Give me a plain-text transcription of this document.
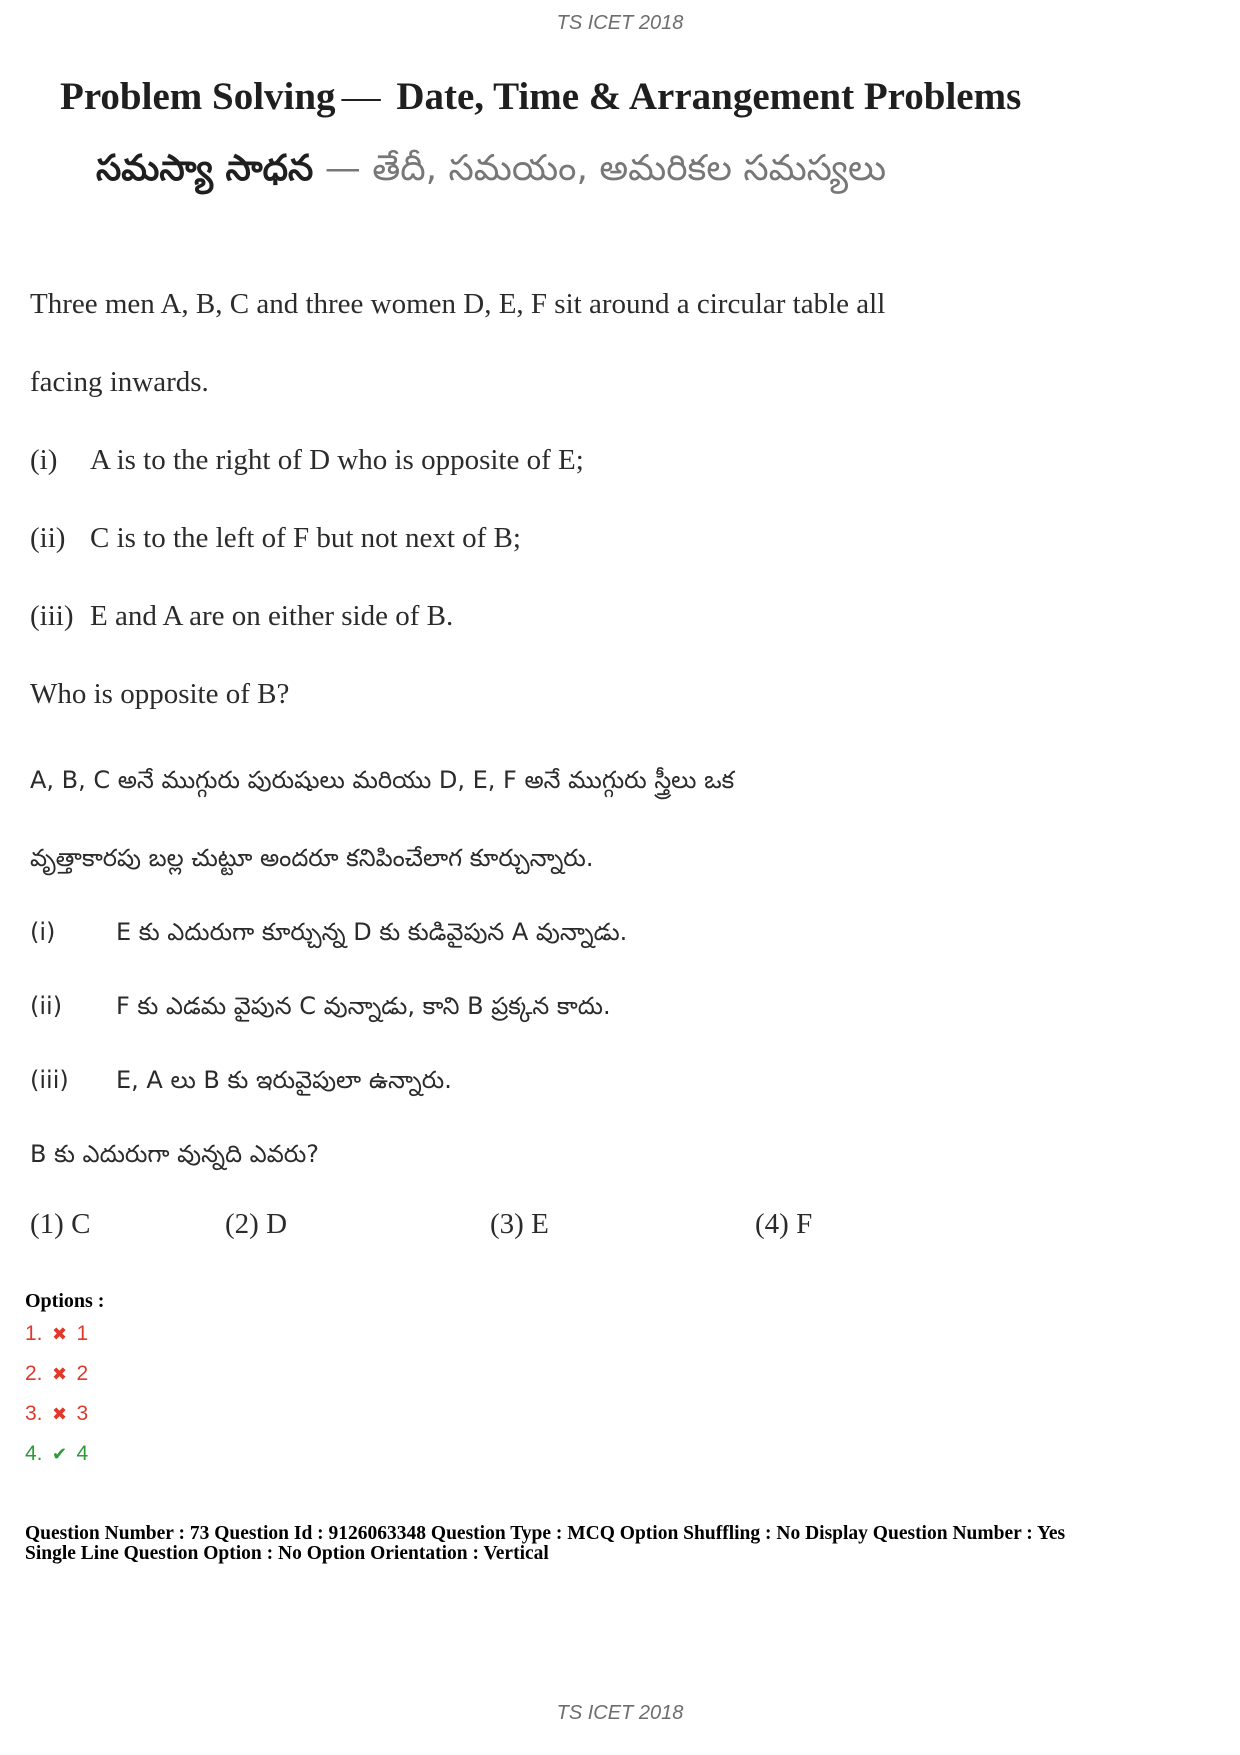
TS ICET 2018
Problem Solving — Date, Time & Arrangement Problems
సమస్యా సాధన — తేదీ, సమయం, అమరికల సమస్యలు
Three men A, B, C and three women D, E, F sit around a circular table all
facing inwards.
(i) A is to the right of D who is opposite of E;
(ii) C is to the left of F but not next of B;
(iii) E and A are on either side of B.
Who is opposite of B?
A, B, C అనే ముగ్గురు పురుషులు మరియు D, E, F అనే ముగ్గురు స్త్రీలు ఒక
వృత్తాకారపు బల్ల చుట్టూ అందరూ కనిపించేలాగ కూర్చున్నారు.
(i)	E కు ఎదురుగా కూర్చున్న D కు కుడివైపున A వున్నాడు.
(ii) F కు ఎడమ వైపున C వున్నాడు, కాని B ప్రక్కన కాదు.
(iii) E, A లు B కు ఇరువైపులా ఉన్నారు.
B కు ఎదురుగా వున్నది ఎవరు?
(1) C	(2) D	(3) E	(4) F
Options :
1. ✖ 1
2. ✖ 2
3. ✖ 3
4. ✔ 4
Question Number : 73 Question Id : 9126063348 Question Type : MCQ Option Shuffling : No Display Question Number : Yes
Single Line Question Option : No Option Orientation : Vertical
TS ICET 2018
